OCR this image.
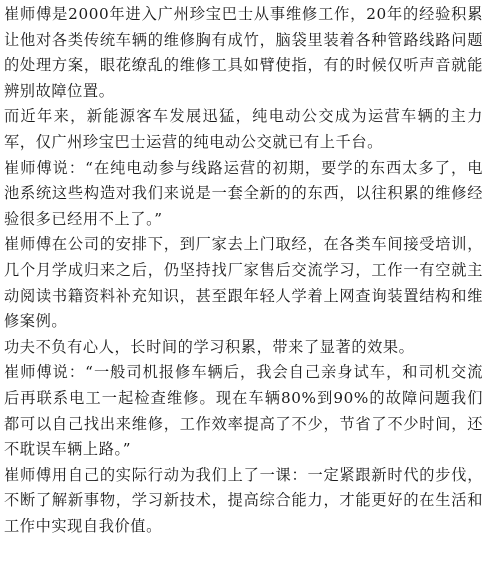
崔师傅是2000年进入广州珍宝巴士从事维修工作，20年的经验积累让他对各类传统车辆的维修胸有成竹，脑袋里装着各种管路线路问题的处理方案，眼花缭乱的维修工具如臂使指，有的时候仅听声音就能辨别故障位置。

而近年来，新能源客车发展迅猛，纯电动公交成为运营车辆的主力军，仅广州珍宝巴士运营的纯电动公交就已有上千台。

崔师傅说：“在纯电动参与线路运营的初期，要学的东西太多了，电池系统这些构造对我们来说是一套全新的的东西，以往积累的维修经验很多已经用不上了。”

崔师傅在公司的安排下，到厂家去上门取经，在各类车间接受培训，几个月学成归来之后，仍坚持找厂家售后交流学习，工作一有空就主动阅读书籍资料补充知识，甚至跟年轻人学着上网查询装置结构和维修案例。

功夫不负有心人，长时间的学习积累，带来了显著的效果。

崔师傅说：“一般司机报修车辆后，我会自己亲身试车，和司机交流后再联系电工一起检查维修。现在车辆80%到90%的故障问题我们都可以自己找出来维修，工作效率提高了不少，节省了不少时间，还不耽误车辆上路。”

崔师傅用自己的实际行动为我们上了一课：一定紧跟新时代的步伐，不断了解新事物，学习新技术，提高综合能力，才能更好的在生活和工作中实现自我价值。
